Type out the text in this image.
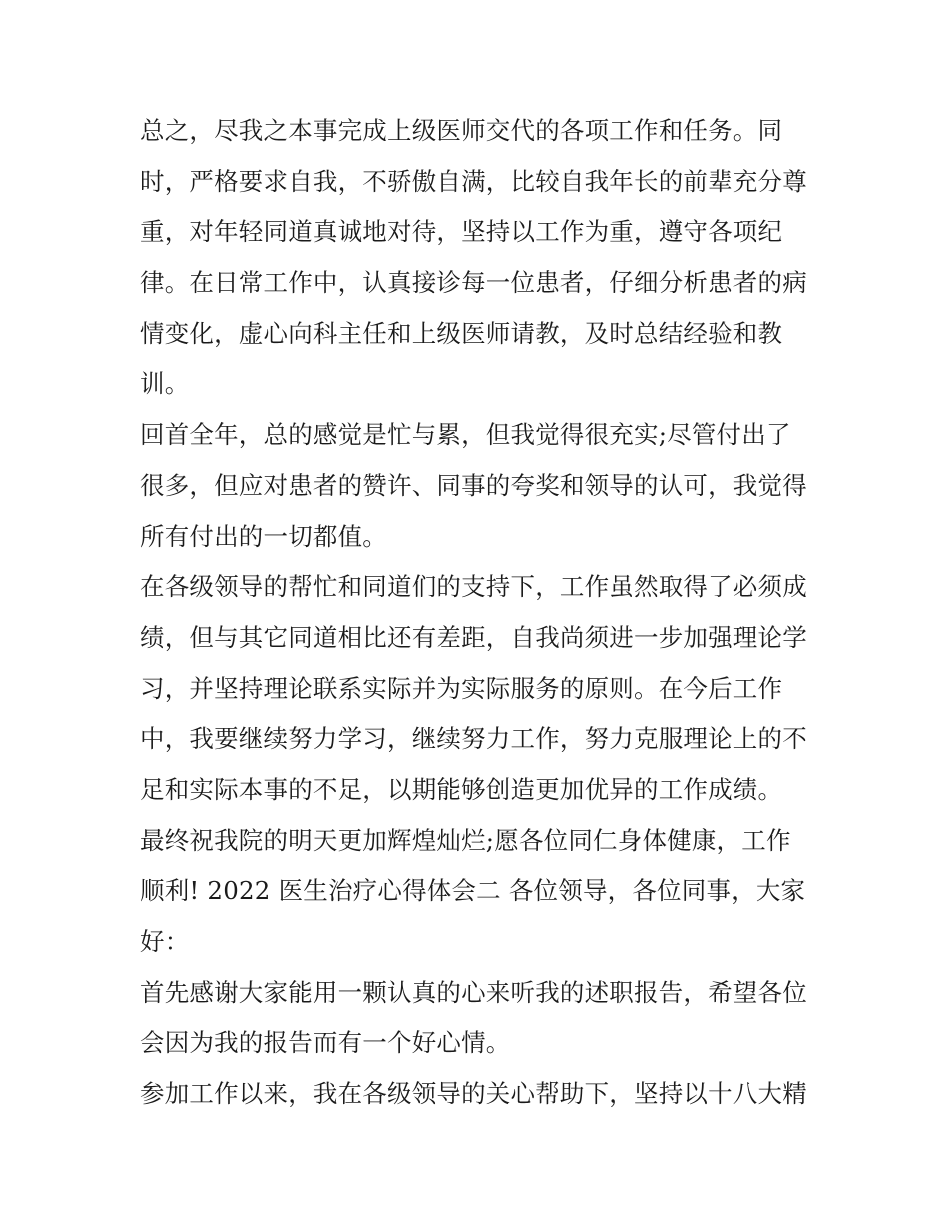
总之，尽我之本事完成上级医师交代的各项工作和任务。同
时，严格要求自我，不骄傲自满，比较自我年长的前辈充分尊
重，对年轻同道真诚地对待，坚持以工作为重，遵守各项纪
律。在日常工作中，认真接诊每一位患者，仔细分析患者的病
情变化，虚心向科主任和上级医师请教，及时总结经验和教
训。
回首全年，总的感觉是忙与累，但我觉得很充实;尽管付出了
很多，但应对患者的赞许、同事的夸奖和领导的认可，我觉得
所有付出的一切都值。
在各级领导的帮忙和同道们的支持下，工作虽然取得了必须成
绩，但与其它同道相比还有差距，自我尚须进一步加强理论学
习，并坚持理论联系实际并为实际服务的原则。在今后工作
中，我要继续努力学习，继续努力工作，努力克服理论上的不
足和实际本事的不足，以期能够创造更加优异的工作成绩。
最终祝我院的明天更加辉煌灿烂;愿各位同仁身体健康，工作
顺利! 2022 医生治疗心得体会二 各位领导，各位同事，大家
好：
首先感谢大家能用一颗认真的心来听我的述职报告，希望各位
会因为我的报告而有一个好心情。
参加工作以来，我在各级领导的关心帮助下，坚持以十八大精
